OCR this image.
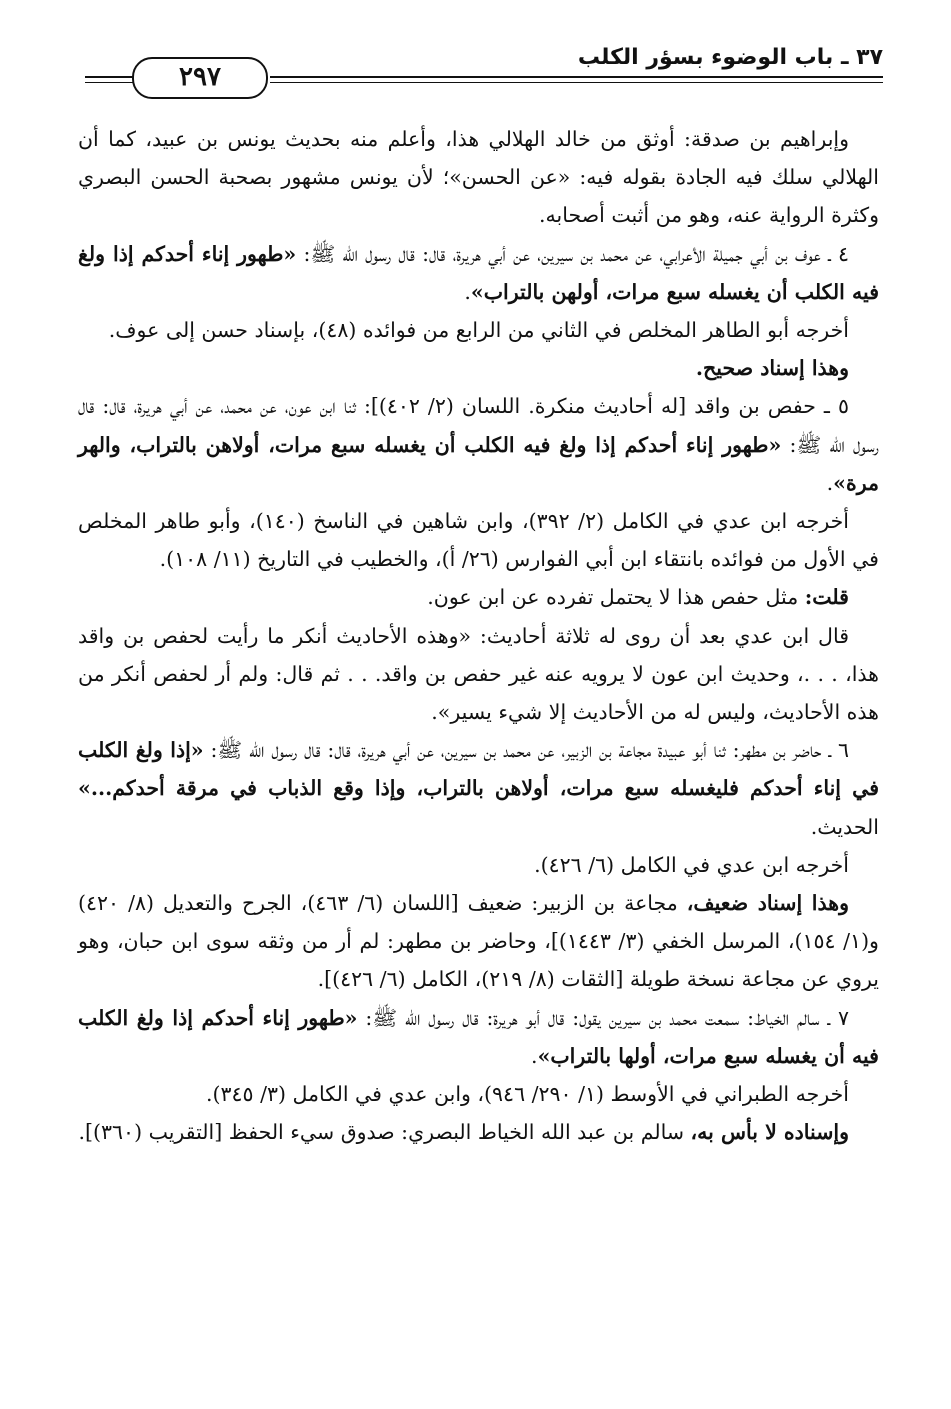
٢٩٧
٣٧ ـ باب الوضوء بسؤر الكلب

وإبراهيم بن صدقة: أوثق من خالد الهلالي هذا، وأعلم منه بحديث يونس بن عبيد، كما أن الهلالي سلك فيه الجادة بقوله فيه: «عن الحسن»؛ لأن يونس مشهور بصحبة الحسن البصري وكثرة الرواية عنه، وهو من أثبت أصحابه.

٤ ـ عوف بن أبي جميلة الأعرابي، عن محمد بن سيرين، عن أبي هريرة، قال: قال رسول الله ﷺ: «طهور إناء أحدكم إذا ولغ فيه الكلب أن يغسله سبع مرات، أولهن بالتراب».

أخرجه أبو الطاهر المخلص في الثاني من الرابع من فوائده (٤٨)، بإسناد حسن إلى عوف.

وهذا إسناد صحيح.

٥ ـ حفص بن واقد [له أحاديث منكرة. اللسان (٢/ ٤٠٢)]: ثنا ابن عون، عن محمد، عن أبي هريرة، قال: قال رسول الله ﷺ: «طهور إناء أحدكم إذا ولغ فيه الكلب أن يغسله سبع مرات، أولاهن بالتراب، والهر مرة».

أخرجه ابن عدي في الكامل (٢/ ٣٩٢)، وابن شاهين في الناسخ (١٤٠)، وأبو طاهر المخلص في الأول من فوائده بانتقاء ابن أبي الفوارس (٢٦/ أ)، والخطيب في التاريخ (١١/ ١٠٨).

قلت: مثل حفص هذا لا يحتمل تفرده عن ابن عون.

قال ابن عدي بعد أن روى له ثلاثة أحاديث: «وهذه الأحاديث أنكر ما رأيت لحفص بن واقد هذا، . . .، وحديث ابن عون لا يرويه عنه غير حفص بن واقد. . . ثم قال: ولم أر لحفص أنكر من هذه الأحاديث، وليس له من الأحاديث إلا شيء يسير».

٦ ـ حاضر بن مطهر: ثنا أبو عبيدة مجاعة بن الزبير، عن محمد بن سيرين، عن أبي هريرة، قال: قال رسول الله ﷺ: «إذا ولغ الكلب في إناء أحدكم فليغسله سبع مرات، أولاهن بالتراب، وإذا وقع الذباب في مرقة أحدكم...» الحديث.

أخرجه ابن عدي في الكامل (٦/ ٤٢٦).

وهذا إسناد ضعيف، مجاعة بن الزبير: ضعيف [اللسان (٦/ ٤٦٣)، الجرح والتعديل (٨/ ٤٢٠) و(١/ ١٥٤)، المرسل الخفي (٣/ ١٤٤٣)]، وحاضر بن مطهر: لم أر من وثقه سوى ابن حبان، وهو يروي عن مجاعة نسخة طويلة [الثقات (٨/ ٢١٩)، الكامل (٦/ ٤٢٦)].

٧ ـ سالم الخياط: سمعت محمد بن سيرين يقول: قال أبو هريرة: قال رسول الله ﷺ: «طهور إناء أحدكم إذا ولغ الكلب فيه أن يغسله سبع مرات، أولها بالتراب».

أخرجه الطبراني في الأوسط (١/ ٢٩٠/ ٩٤٦)، وابن عدي في الكامل (٣/ ٣٤٥).

وإسناده لا بأس به، سالم بن عبد الله الخياط البصري: صدوق سيء الحفظ [التقريب (٣٦٠)].
